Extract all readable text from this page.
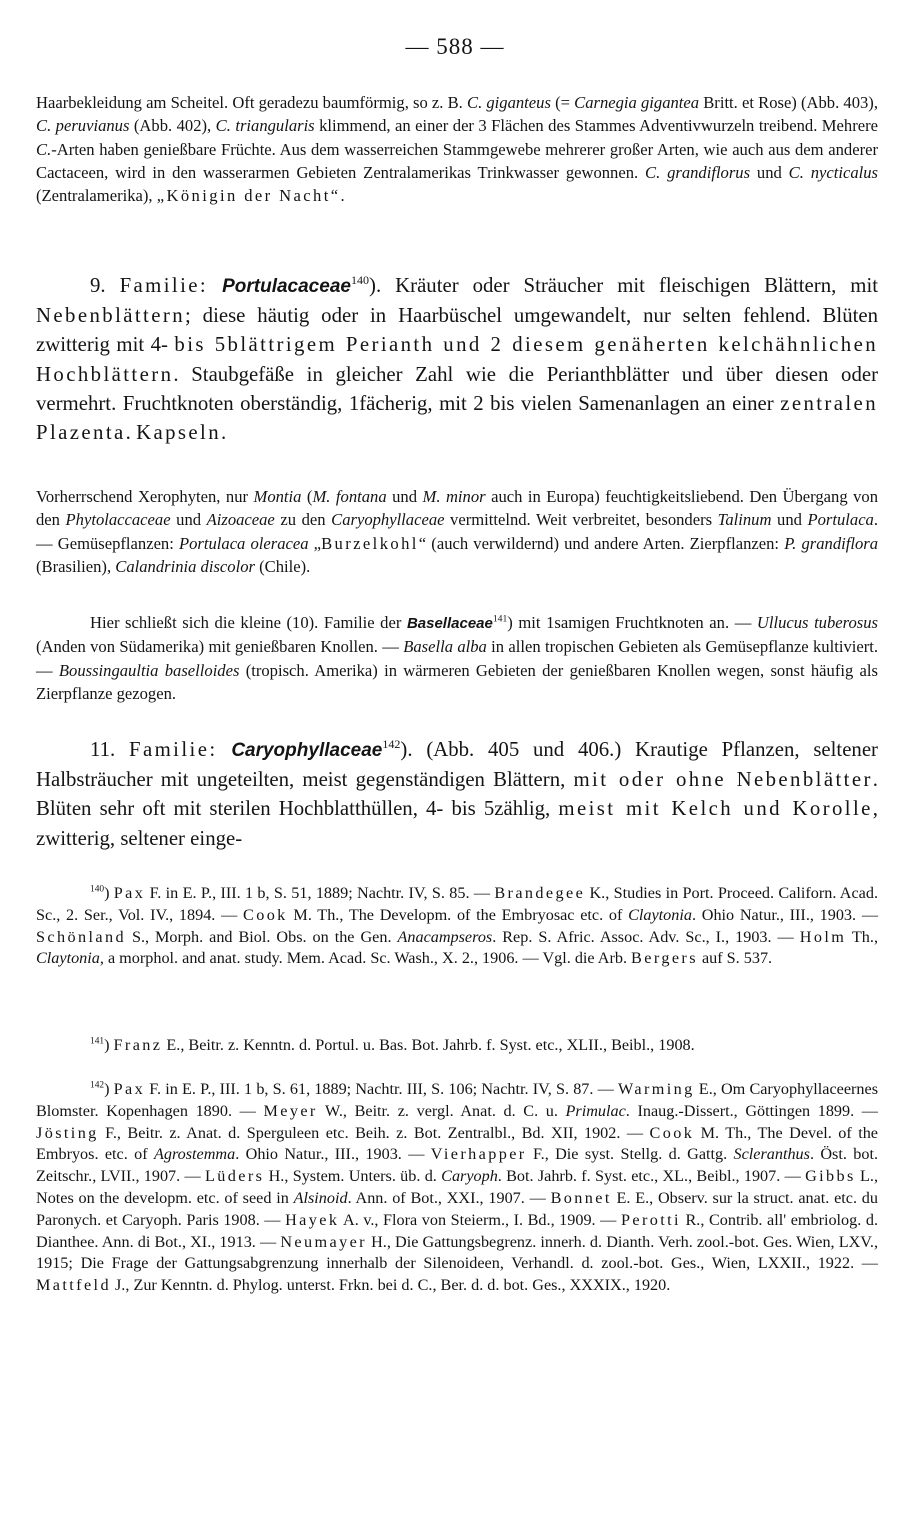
— 588 —
Haarbekleidung am Scheitel. Oft geradezu baumförmig, so z. B. C. giganteus (= Carnegia gigantea Britt. et Rose) (Abb. 403), C. peruvianus (Abb. 402), C. triangularis klimmend, an einer der 3 Flächen des Stammes Adventivwurzeln treibend. Mehrere C.-Arten haben genießbare Früchte. Aus dem wasserreichen Stammgewebe mehrerer großer Arten, wie auch aus dem anderer Cactaceen, wird in den wasserarmen Gebieten Zentralamerikas Trinkwasser gewonnen. C. grandiflorus und C. nycticalus (Zentralamerika), „Königin der Nacht“.
9. Familie: Portulacaceae$^{140}$). Kräuter oder Sträucher mit fleischigen Blättern, mit Nebenblättern; diese häutig oder in Haarbüschel umgewandelt, nur selten fehlend. Blüten zwitterig mit 4- bis 5blättrigem Perianth und 2 diesem genäherten kelchähnlichen Hochblättern. Staubgefäße in gleicher Zahl wie die Perianthblätter und über diesen oder vermehrt. Fruchtknoten oberständig, 1fächerig, mit 2 bis vielen Samenanlagen an einer zentralen Plazenta. Kapseln.
Vorherrschend Xerophyten, nur Montia (M. fontana und M. minor auch in Europa) feuchtigkeitsliebend. Den Übergang von den Phytolaccaceae und Aizoaceae zu den Caryophyllaceae vermittelnd. Weit verbreitet, besonders Talinum und Portulaca. — Gemüsepflanzen: Portulaca oleracea „Burzelkohl“ (auch verwildernd) und andere Arten. Zierpflanzen: P. grandiflora (Brasilien), Calandrinia discolor (Chile).
Hier schließt sich die kleine (10). Familie der Basellaceae$^{141}$) mit 1samigen Fruchtknoten an. — Ullucus tuberosus (Anden von Südamerika) mit genießbaren Knollen. — Basella alba in allen tropischen Gebieten als Gemüsepflanze kultiviert. — Boussingaultia baselloides (tropisch. Amerika) in wärmeren Gebieten der genießbaren Knollen wegen, sonst häufig als Zierpflanze gezogen.
11. Familie: Caryophyllaceae$^{142}$). (Abb. 405 und 406.) Krautige Pflanzen, seltener Halbsträucher mit ungeteilten, meist gegenständigen Blättern, mit oder ohne Nebenblätter. Blüten sehr oft mit sterilen Hochblatthüllen, 4- bis 5zählig, meist mit Kelch und Korolle, zwitterig, seltener einge-
$^{140}$) Pax F. in E. P., III. 1 b, S. 51, 1889; Nachtr. IV, S. 85. — Brandegee K., Studies in Port. Proceed. Californ. Acad. Sc., 2. Ser., Vol. IV., 1894. — Cook M. Th., The Developm. of the Embryosac etc. of Claytonia. Ohio Natur., III., 1903. — Schönland S., Morph. and Biol. Obs. on the Gen. Anacampseros. Rep. S. Afric. Assoc. Adv. Sc., I., 1903. — Holm Th., Claytonia, a morphol. and anat. study. Mem. Acad. Sc. Wash., X. 2., 1906. — Vgl. die Arb. Bergers auf S. 537.
$^{141}$) Franz E., Beitr. z. Kenntn. d. Portul. u. Bas. Bot. Jahrb. f. Syst. etc., XLII., Beibl., 1908.
$^{142}$) Pax F. in E. P., III. 1 b, S. 61, 1889; Nachtr. III, S. 106; Nachtr. IV, S. 87. — Warming E., Om Caryophyllaceernes Blomster. Kopenhagen 1890. — Meyer W., Beitr. z. vergl. Anat. d. C. u. Primulac. Inaug.-Dissert., Göttingen 1899. — Jösting F., Beitr. z. Anat. d. Sperguleen etc. Beih. z. Bot. Zentralbl., Bd. XII, 1902. — Cook M. Th., The Devel. of the Embryos. etc. of Agrostemma. Ohio Natur., III., 1903. — Vierhapper F., Die syst. Stellg. d. Gattg. Scleranthus. Öst. bot. Zeitschr., LVII., 1907. — Lüders H., System. Unters. üb. d. Caryoph. Bot. Jahrb. f. Syst. etc., XL., Beibl., 1907. — Gibbs L., Notes on the developm. etc. of seed in Alsinoid. Ann. of Bot., XXI., 1907. — Bonnet E. E., Observ. sur la struct. anat. etc. du Paronych. et Caryoph. Paris 1908. — Hayek A. v., Flora von Steierm., I. Bd., 1909. — Perotti R., Contrib. all' embriolog. d. Dianthee. Ann. di Bot., XI., 1913. — Neumayer H., Die Gattungsbegrenz. innerh. d. Dianth. Verh. zool.-bot. Ges. Wien, LXV., 1915; Die Frage der Gattungsabgrenzung innerhalb der Silenoideen, Verhandl. d. zool.-bot. Ges., Wien, LXXII., 1922. — Mattfeld J., Zur Kenntn. d. Phylog. unterst. Frkn. bei d. C., Ber. d. d. bot. Ges., XXXIX., 1920.
